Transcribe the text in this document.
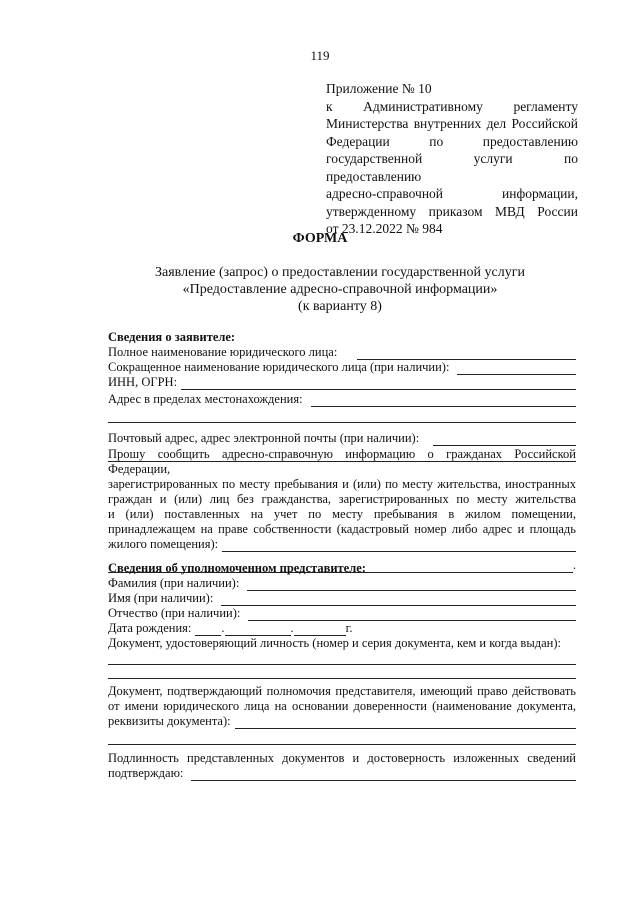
119
Приложение № 10
к Административному регламенту
Министерства внутренних дел Российской
Федерации по предоставлению
государственной услуги по предоставлению
адресно-справочной информации,
утвержденному приказом МВД России
от 23.12.2022 № 984
ФОРМА
Заявление (запрос) о предоставлении государственной услуги
«Предоставление адресно-справочной информации»
(к варианту 8)
Сведения о заявителе:
Полное наименование юридического лица:
Сокращенное наименование юридического лица (при наличии):
ИНН, ОГРН:
Адрес в пределах местонахождения:
Почтовый адрес, адрес электронной почты (при наличии):
Прошу сообщить адресно-справочную информацию о гражданах Российской Федерации,
зарегистрированных по месту пребывания и (или) по месту жительства, иностранных
граждан и (или) лиц без гражданства, зарегистрированных по месту жительства
и (или) поставленных на учет по месту пребывания в жилом помещении,
принадлежащем на праве собственности (кадастровый номер либо адрес и площадь
жилого помещения):
.
Сведения об уполномоченном представителе:
Фамилия (при наличии):
Имя (при наличии):
Отчество (при наличии):
Дата рождения: .	.	г.
Документ, удостоверяющий личность (номер и серия документа, кем и когда выдан):
Документ, подтверждающий полномочия представителя, имеющий право действовать
от имени юридического лица на основании доверенности (наименование документа,
реквизиты документа):
Подлинность представленных документов и достоверность изложенных сведений
подтверждаю:
